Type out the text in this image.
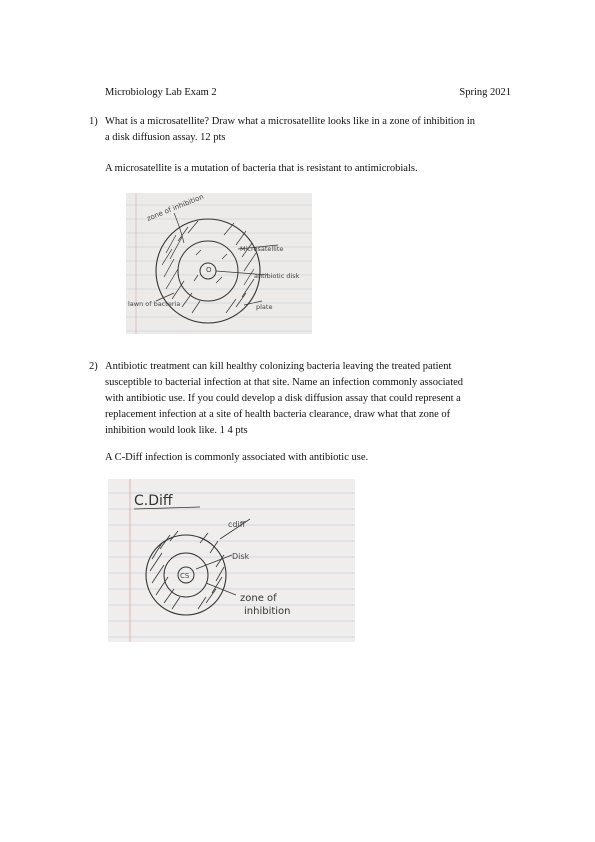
Microbiology Lab Exam 2	Spring 2021
1) What is a microsatellite? Draw what a microsatellite looks like in a zone of inhibition in
a disk diffusion assay. 12 pts
A microsatellite is a mutation of bacteria that is resistant to antimicrobials.
O
zone of inhibition
Microsatellite
antibiotic disk
lawn of bacteria	plate
2) Antibiotic treatment can kill healthy colonizing bacteria leaving the treated patient
susceptible to bacterial infection at that site. Name an infection commonly associated
with antibiotic use. If you could develop a disk diffusion assay that could represent a
replacement infection at a site of health bacteria clearance, draw what that zone of
inhibition would look like. 1 4 pts
A C-Diff infection is commonly associated with antibiotic use.
C.Diff
CS
cdiff
Disk
zone of inhibition
